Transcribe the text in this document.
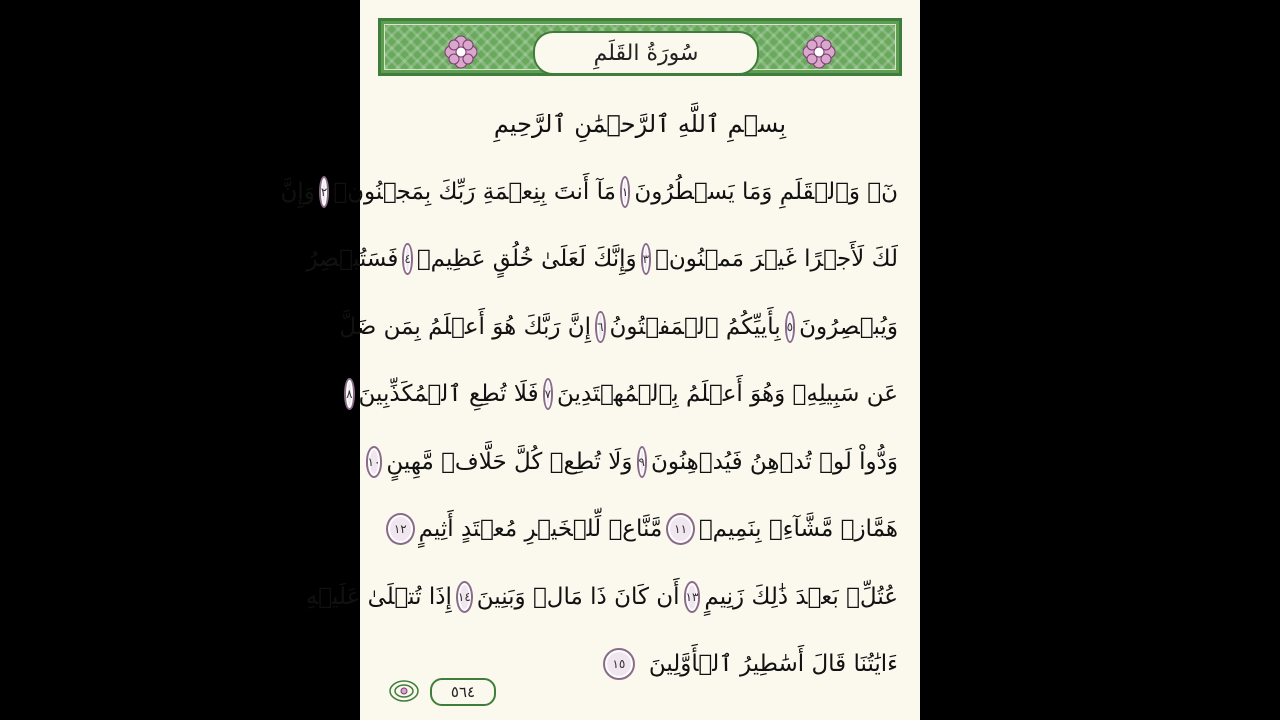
سُورَةُ القَلَمِ
بِسۡمِ ٱللَّهِ ٱلرَّحۡمَٰنِ ٱلرَّحِيمِ
نٓۚ وَٱلۡقَلَمِ وَمَا يَسۡطُرُونَ
١
مَآ أَنتَ بِنِعۡمَةِ رَبِّكَ بِمَجۡنُونٖ
٢
وَإِنَّ
لَكَ لَأَجۡرًا غَيۡرَ مَمۡنُونٖ
٣
وَإِنَّكَ لَعَلَىٰ خُلُقٍ عَظِيمٖ
٤
فَسَتُبۡصِرُ
وَيُبۡصِرُونَ
٥
بِأَييِّكُمُ ٱلۡمَفۡتُونُ
٦
إِنَّ رَبَّكَ هُوَ أَعۡلَمُ بِمَن ضَلَّ
عَن سَبِيلِهِۦ وَهُوَ أَعۡلَمُ بِٱلۡمُهۡتَدِينَ
٧
فَلَا تُطِعِ ٱلۡمُكَذِّبِينَ
٨
وَدُّواْ لَوۡ تُدۡهِنُ فَيُدۡهِنُونَ
٩
وَلَا تُطِعۡ كُلَّ حَلَّافٖ مَّهِينٍ
١٠
هَمَّازٖ مَّشَّآءِۭ بِنَمِيمٖ
١١
مَّنَّاعٖ لِّلۡخَيۡرِ مُعۡتَدٍ أَثِيمٍ
١٢
عُتُلِّۭ بَعۡدَ ذَٰلِكَ زَنِيمٍ
١٣
أَن كَانَ ذَا مَالٖ وَبَنِينَ
١٤
إِذَا تُتۡلَىٰ عَلَيۡهِ
ءَايَٰتُنَا قَالَ أَسَٰطِيرُ ٱلۡأَوَّلِينَ
١٥
٥٦٤
